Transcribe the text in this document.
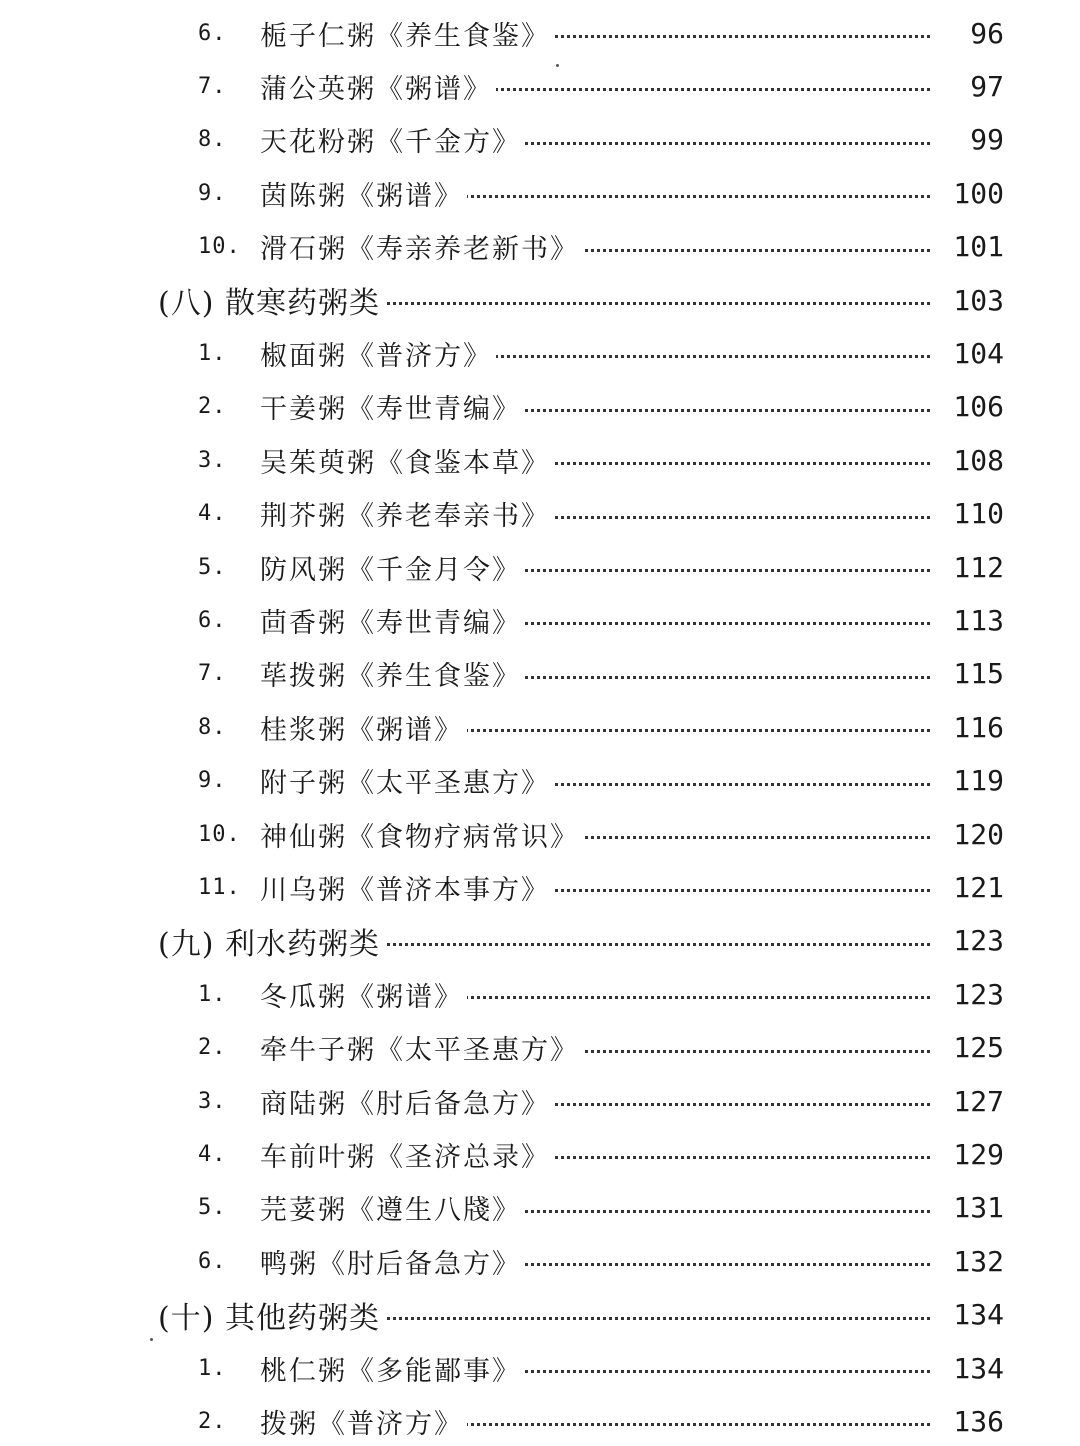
6.	栀子仁粥《养生食鉴》	96
7.	蒲公英粥《粥谱》	97
8.	天花粉粥《千金方》	99
9.	茵陈粥《粥谱》	100
10. 滑石粥《寿亲养老新书》	101
(八) 散寒药粥类	103
1.	椒面粥《普济方》	104
2.	干姜粥《寿世青编》	106
3.	吴茱萸粥《食鉴本草》	108
4.	荆芥粥《养老奉亲书》	110
5.	防风粥《千金月令》	112
6.	茴香粥《寿世青编》	113
7.	荜拨粥《养生食鉴》	115
8.	桂浆粥《粥谱》	116
9.	附子粥《太平圣惠方》	119
10. 神仙粥《食物疗病常识》	120
11. 川乌粥《普济本事方》	121
(九) 利水药粥类	123
1.	冬瓜粥《粥谱》	123
2.	牵牛子粥《太平圣惠方》	125
3.	商陆粥《肘后备急方》	127
4.	车前叶粥《圣济总录》	129
5.	芫荽粥《遵生八牋》	131
6.	鸭粥《肘后备急方》	132
(十) 其他药粥类	134
1.	桃仁粥《多能鄙事》	134
2.	拨粥《普济方》	136
